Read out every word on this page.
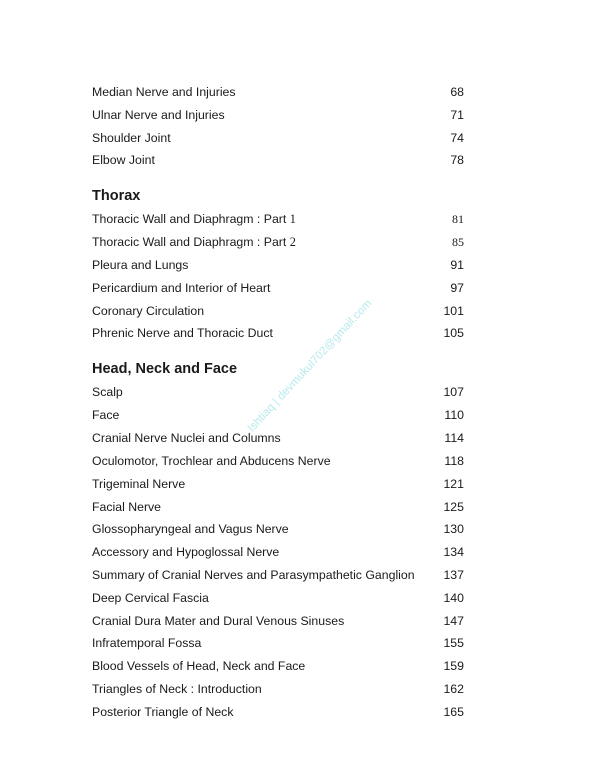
Median Nerve and Injuries	68
Ulnar Nerve and Injuries	71
Shoulder Joint	74
Elbow Joint	78
Thorax
Thoracic Wall and Diaphragm : Part 1	81
Thoracic Wall and Diaphragm : Part 2	85
Pleura and Lungs	91
Pericardium and Interior of Heart	97
Coronary Circulation	101
Phrenic Nerve and Thoracic Duct	105
Head, Neck and Face
Scalp	107
Face	110
Cranial Nerve Nuclei and Columns	114
Oculomotor, Trochlear and Abducens Nerve	118
Trigeminal Nerve	121
Facial Nerve	125
Glossopharyngeal and Vagus Nerve	130
Accessory and Hypoglossal Nerve	134
Summary of Cranial Nerves and Parasympathetic Ganglion 137
Deep Cervical Fascia	140
Cranial Dura Mater and Dural Venous Sinuses	147
Infratemporal Fossa	155
Blood Vessels of Head, Neck and Face	159
Triangles of Neck : Introduction	162
Posterior Triangle of Neck	165
Ishtiaq | devmukul702@gmail.com
